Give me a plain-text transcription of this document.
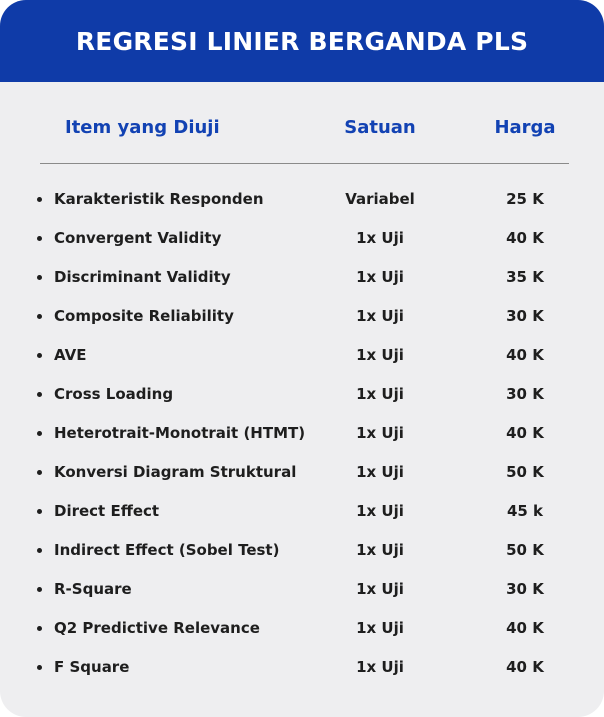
REGRESI LINIER BERGANDA PLS
Item yang Diuji	Satuan	Harga
Karakteristik Responden	Variabel	25 K
Convergent Validity	1x Uji	40 K
Discriminant Validity	1x Uji	35 K
Composite Reliability	1x Uji	30 K
AVE	1x Uji	40 K
Cross Loading	1x Uji	30 K
Heterotrait-Monotrait (HTMT)	1x Uji	40 K
Konversi Diagram Struktural	1x Uji	50 K
Direct Effect	1x Uji	45 k
Indirect Effect (Sobel Test)	1x Uji	50 K
R-Square	1x Uji	30 K
Q2 Predictive Relevance	1x Uji	40 K
F Square	1x Uji	40 K
